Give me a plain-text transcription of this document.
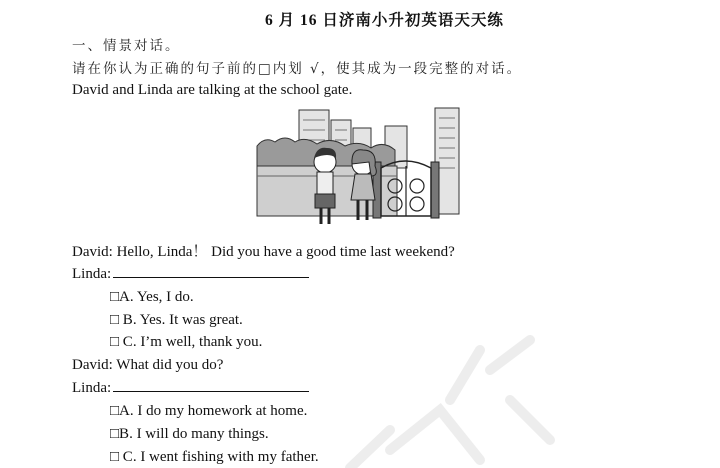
6 月 16 日济南小升初英语天天练
一、情景对话。
请在你认为正确的句子前的□内划 √，使其成为一段完整的对话。
David and Linda are talking at the school gate.
David: Hello, Linda！ Did you have a good time last weekend?
Linda:
□A. Yes, I do.
□ B. Yes. It was great.
□ C. I’m well, thank you.
David: What did you do?
Linda:
□A. I do my homework at home.
□B. I will do many things.
□ C. I went fishing with my father.
